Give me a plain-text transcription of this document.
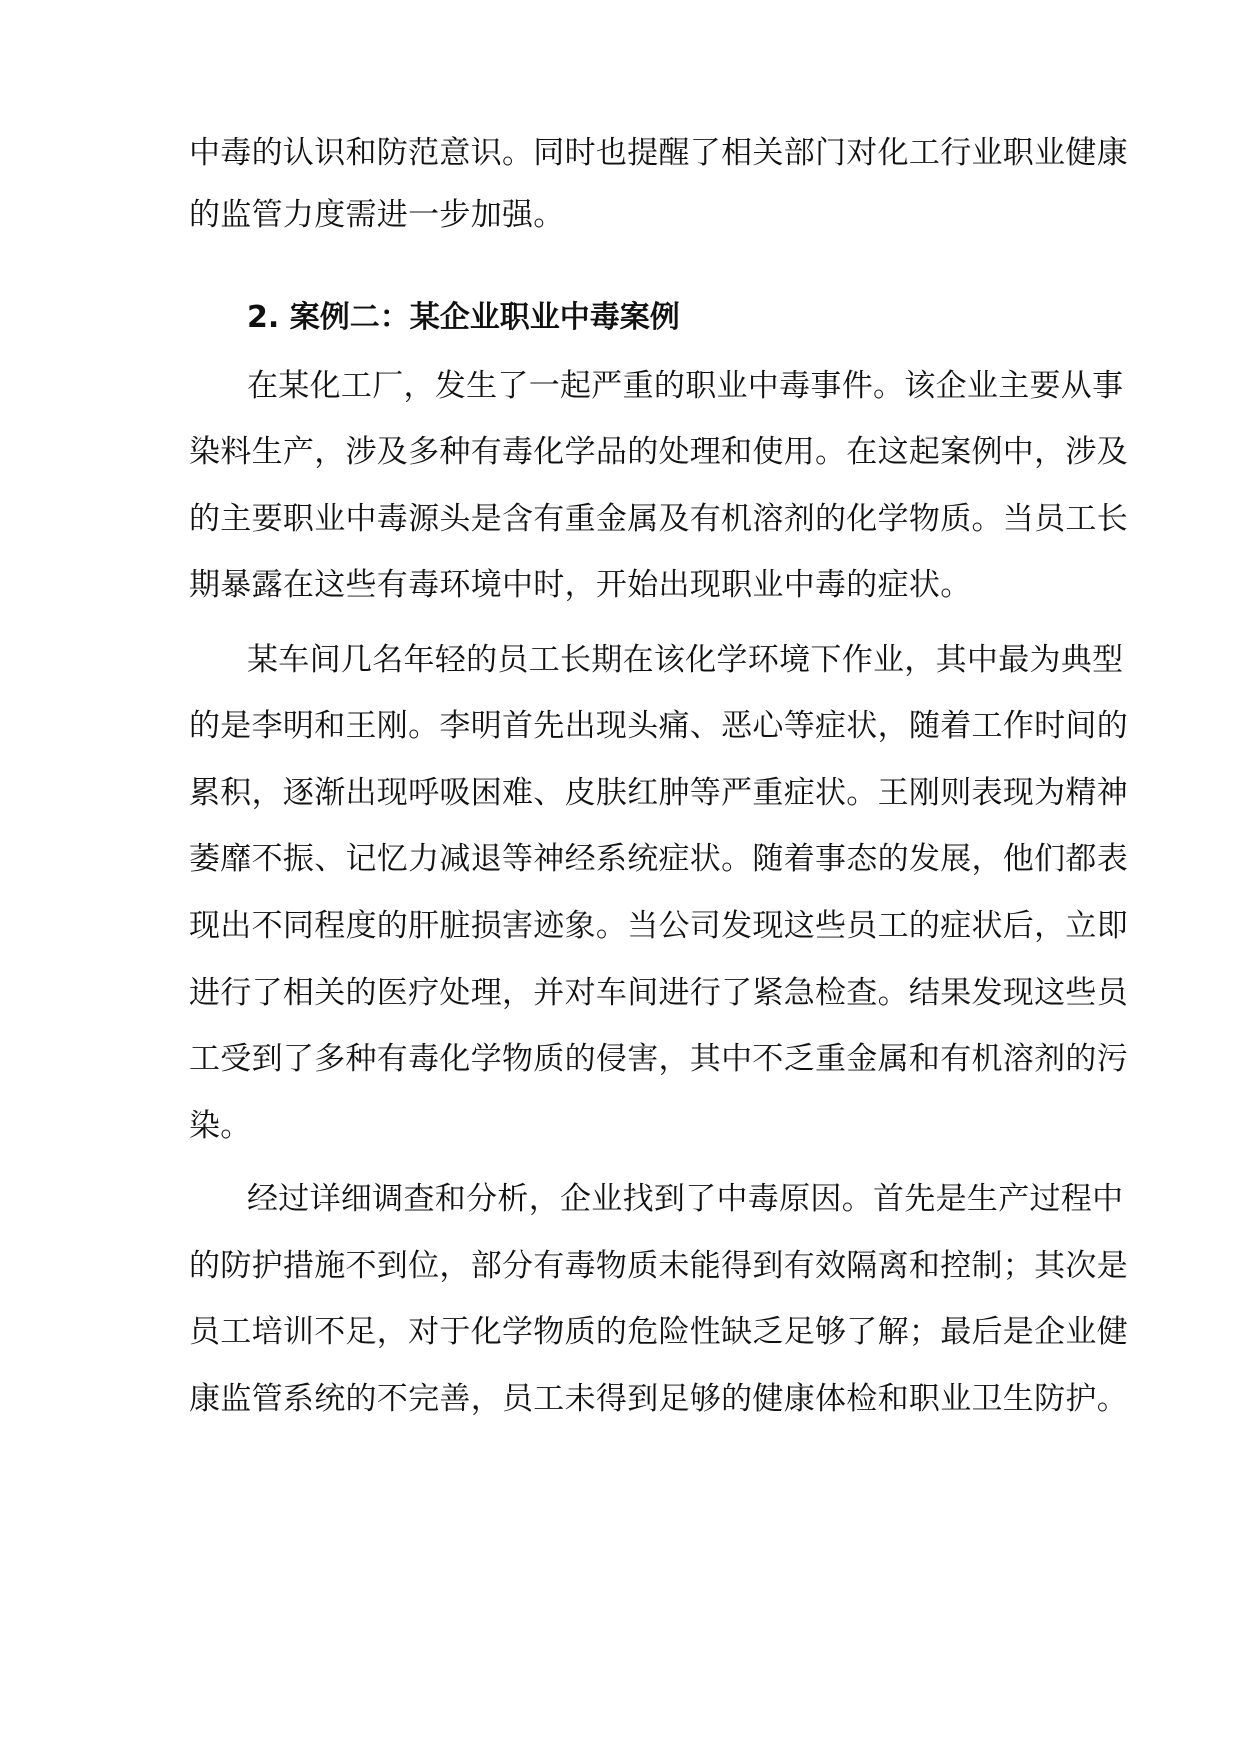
中毒的认识和防范意识。同时也提醒了相关部门对化工行业职业健康
的监管力度需进一步加强。
2. 案例二：某企业职业中毒案例
在某化工厂，发生了一起严重的职业中毒事件。该企业主要从事
染料生产，涉及多种有毒化学品的处理和使用。在这起案例中，涉及
的主要职业中毒源头是含有重金属及有机溶剂的化学物质。当员工长
期暴露在这些有毒环境中时，开始出现职业中毒的症状。
某车间几名年轻的员工长期在该化学环境下作业，其中最为典型
的是李明和王刚。李明首先出现头痛、恶心等症状，随着工作时间的
累积，逐渐出现呼吸困难、皮肤红肿等严重症状。王刚则表现为精神
萎靡不振、记忆力减退等神经系统症状。随着事态的发展，他们都表
现出不同程度的肝脏损害迹象。当公司发现这些员工的症状后，立即
进行了相关的医疗处理，并对车间进行了紧急检查。结果发现这些员
工受到了多种有毒化学物质的侵害，其中不乏重金属和有机溶剂的污
染。
经过详细调查和分析，企业找到了中毒原因。首先是生产过程中
的防护措施不到位，部分有毒物质未能得到有效隔离和控制；其次是
员工培训不足，对于化学物质的危险性缺乏足够了解；最后是企业健
康监管系统的不完善，员工未得到足够的健康体检和职业卫生防护。
